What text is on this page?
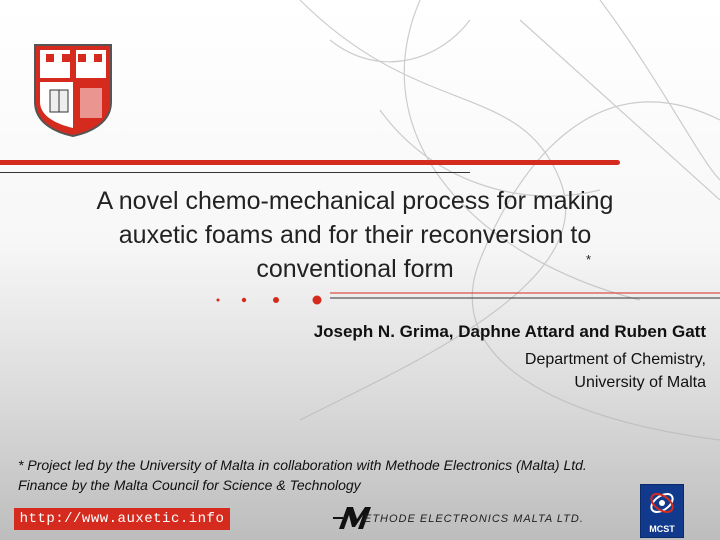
A novel chemo-mechanical process for making
auxetic foams and for their reconversion to
conventional form	*
Joseph N. Grima, Daphne Attard and Ruben Gatt
Department of Chemistry,
University of Malta
* Project led by the University of Malta in collaboration with Methode Electronics (Malta) Ltd.
Finance by the Malta Council for Science & Technology
http://www.auxetic.info	ETHODE ELECTRONICS MALTA LTD.
MCST
